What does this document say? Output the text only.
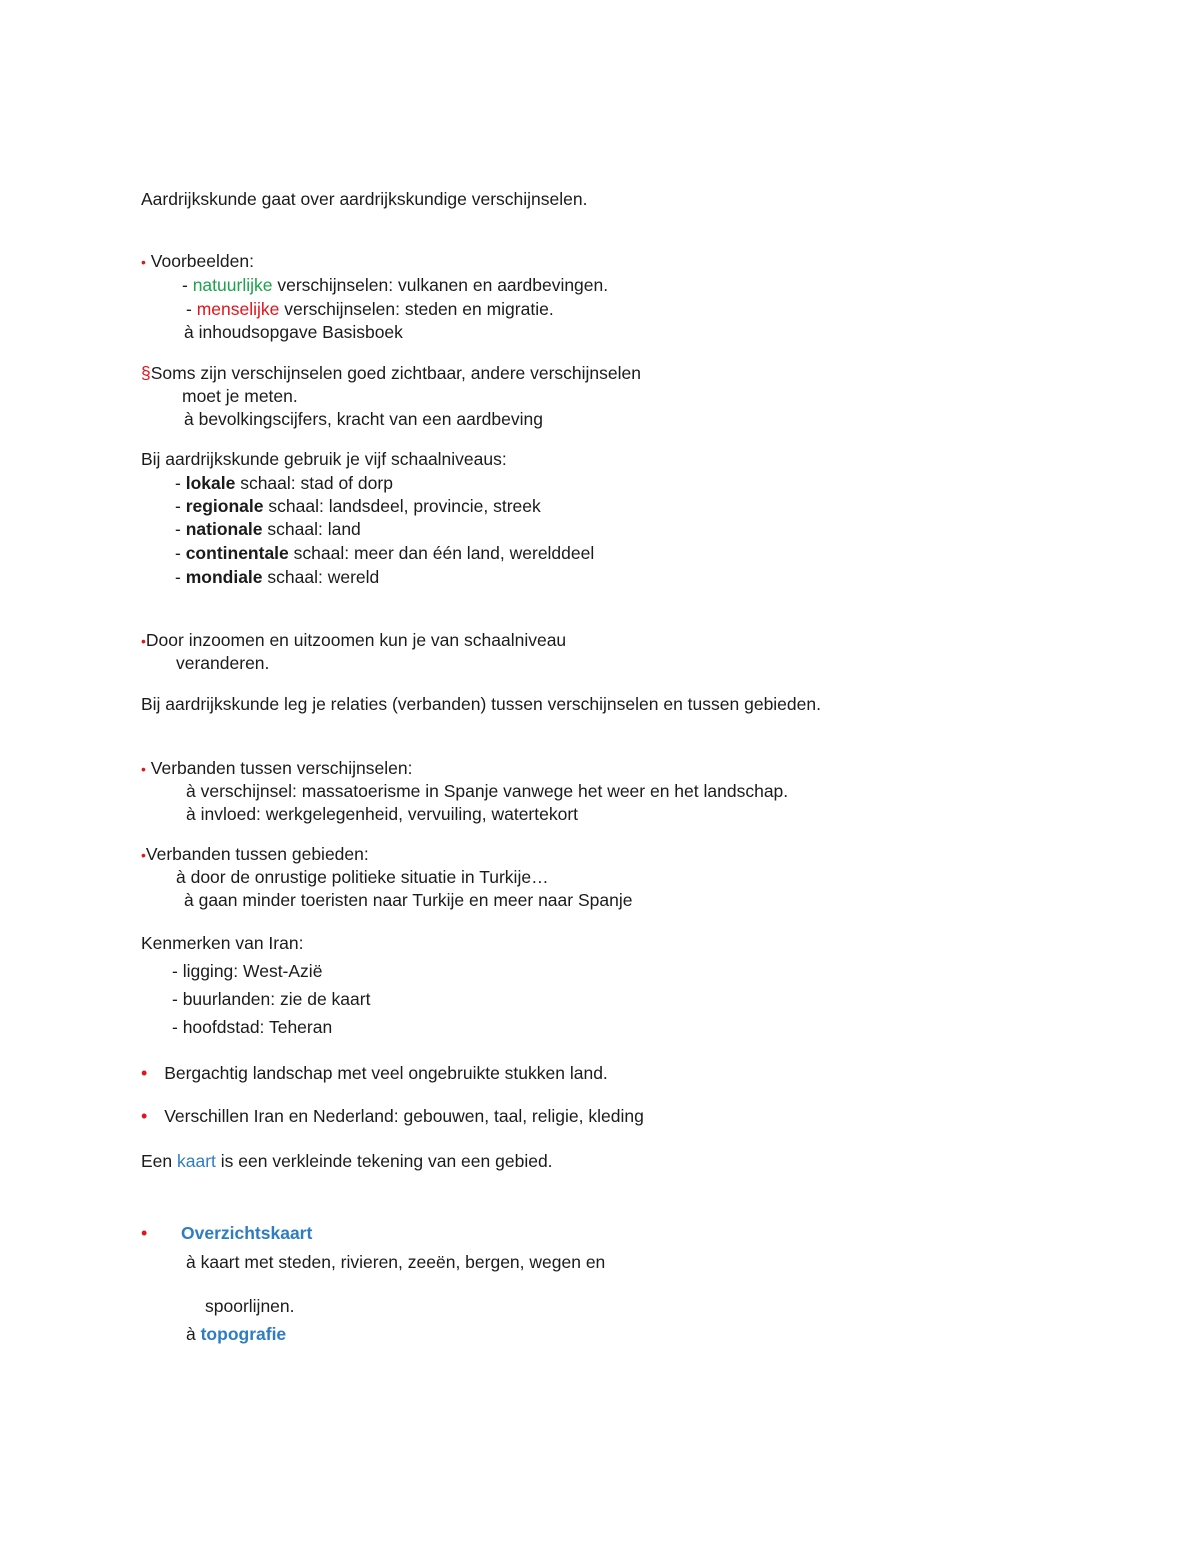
Aardrijkskunde gaat over aardrijkskundige verschijnselen.
• Voorbeelden:
- natuurlijke verschijnselen: vulkanen en aardbevingen.
- menselijke verschijnselen: steden en migratie.
à inhoudsopgave Basisboek
§Soms zijn verschijnselen goed zichtbaar, andere verschijnselen
moet je meten.
à bevolkingscijfers, kracht van een aardbeving
Bij aardrijkskunde gebruik je vijf schaalniveaus:
- lokale schaal: stad of dorp
- regionale schaal: landsdeel, provincie, streek
- nationale schaal: land
- continentale schaal: meer dan één land, werelddeel
- mondiale schaal: wereld
•Door inzoomen en uitzoomen kun je van schaalniveau
veranderen.
Bij aardrijkskunde leg je relaties (verbanden) tussen verschijnselen en tussen gebieden.
• Verbanden tussen verschijnselen:
à verschijnsel: massatoerisme in Spanje vanwege het weer en het landschap.
à invloed: werkgelegenheid, vervuiling, watertekort
•Verbanden tussen gebieden:
à door de onrustige politieke situatie in Turkije…
à gaan minder toeristen naar Turkije en meer naar Spanje
Kenmerken van Iran:
- ligging: West-Azië
- buurlanden: zie de kaart
- hoofdstad: Teheran
• Bergachtig landschap met veel ongebruikte stukken land.
• Verschillen Iran en Nederland: gebouwen, taal, religie, kleding
Een kaart is een verkleinde tekening van een gebied.
• Overzichtskaart
à kaart met steden, rivieren, zeeën, bergen, wegen en
spoorlijnen.
à topografie
